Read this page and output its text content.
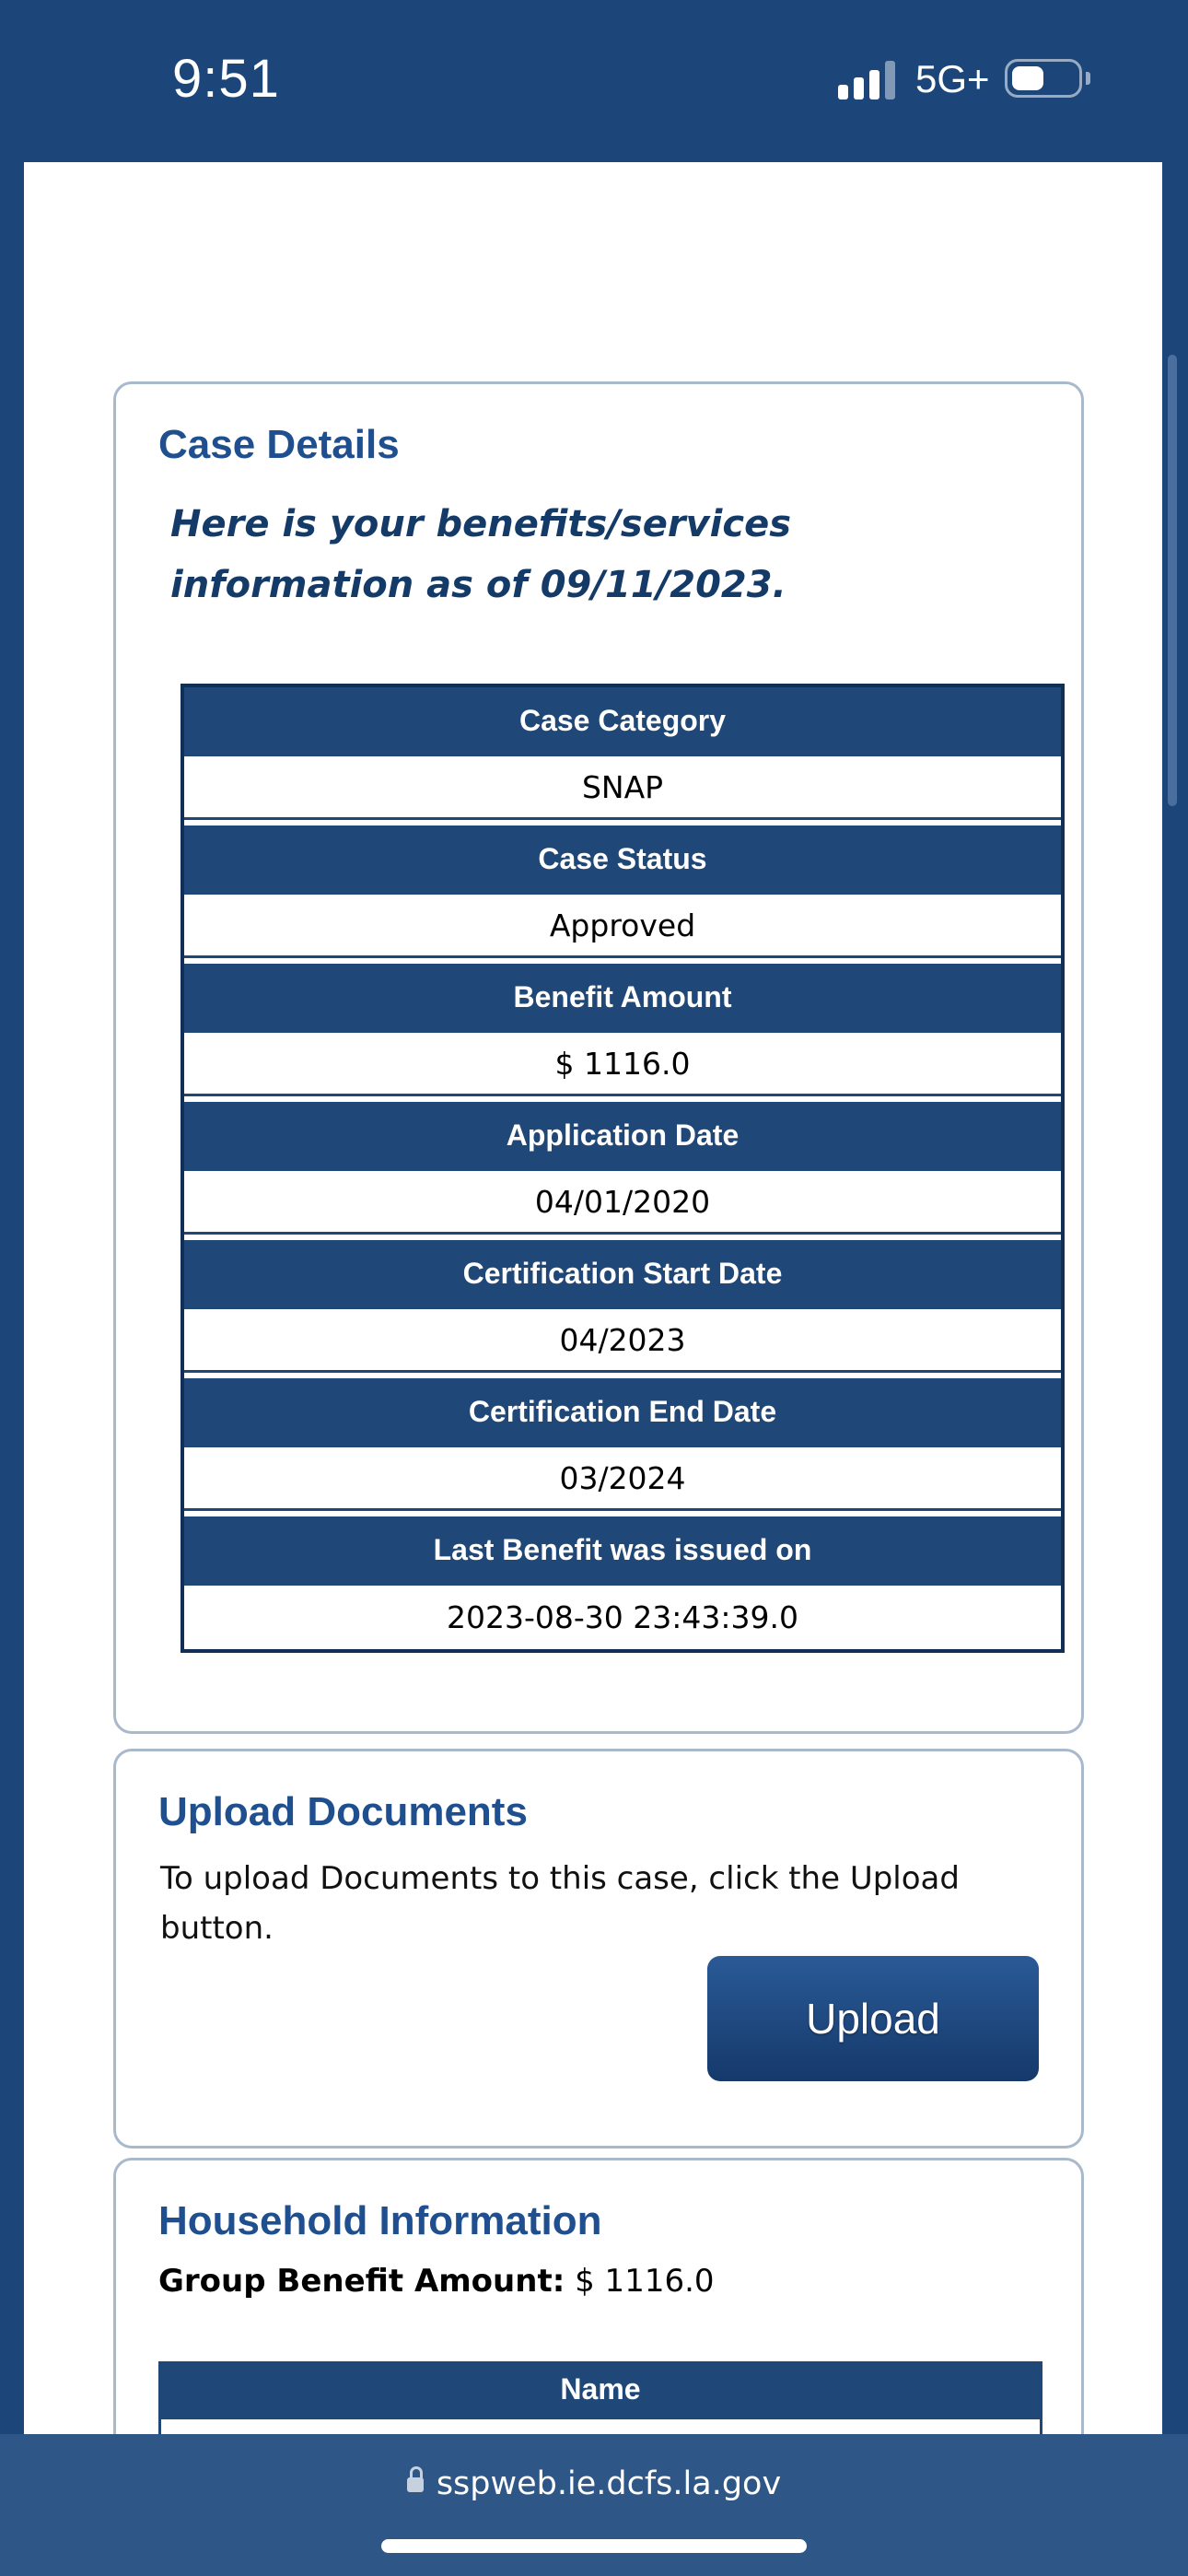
9:51	5G+
Case Details
Here is your benefits/services information as of 09/11/2023.
Case Category
SNAP
Case Status
Approved
Benefit Amount
$ 1116.0
Application Date
04/01/2020
Certification Start Date
04/2023
Certification End Date
03/2024
Last Benefit was issued on
2023-08-30 23:43:39.0
Upload Documents
To upload Documents to this case, click the Upload button.
Upload
Household Information
Group Benefit Amount: $ 1116.0
Name
sspweb.ie.dcfs.la.gov
